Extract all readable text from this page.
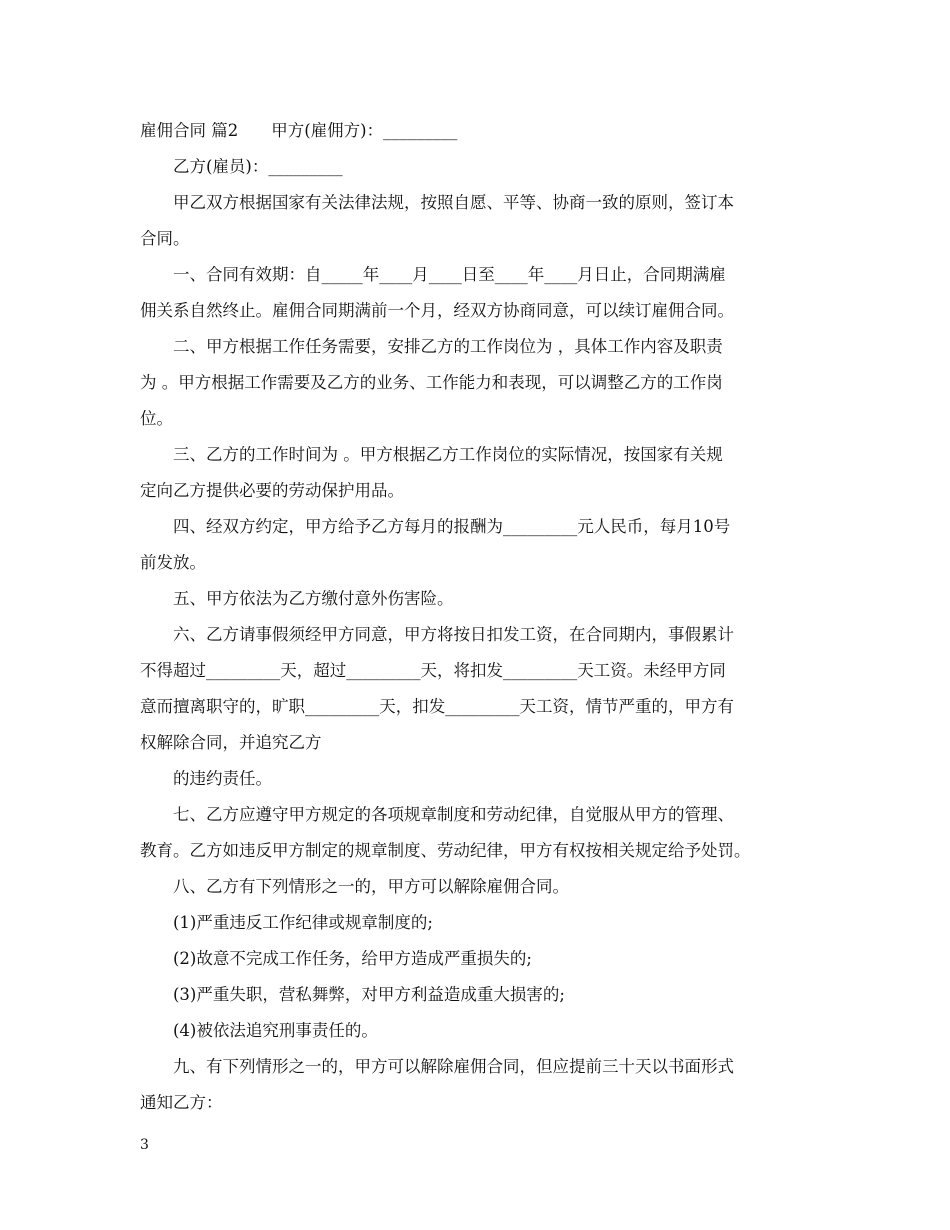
雇佣合同 篇2　　甲方(雇佣方)：_________
乙方(雇员)：_________
甲乙双方根据国家有关法律法规，按照自愿、平等、协商一致的原则，签订本
合同。
一、合同有效期：自_____年____月____日至____年____月日止，合同期满雇
佣关系自然终止。雇佣合同期满前一个月，经双方协商同意，可以续订雇佣合同。
二、甲方根据工作任务需要，安排乙方的工作岗位为 ，具体工作内容及职责
为 。甲方根据工作需要及乙方的业务、工作能力和表现，可以调整乙方的工作岗
位。
三、乙方的工作时间为 。甲方根据乙方工作岗位的实际情况，按国家有关规
定向乙方提供必要的劳动保护用品。
四、经双方约定，甲方给予乙方每月的报酬为_________元人民币，每月10号
前发放。
五、甲方依法为乙方缴付意外伤害险。
六、乙方请事假须经甲方同意，甲方将按日扣发工资，在合同期内，事假累计
不得超过_________天，超过_________天，将扣发_________天工资。未经甲方同
意而擅离职守的，旷职_________天，扣发_________天工资，情节严重的，甲方有
权解除合同，并追究乙方
的违约责任。
七、乙方应遵守甲方规定的各项规章制度和劳动纪律，自觉服从甲方的管理、
教育。乙方如违反甲方制定的规章制度、劳动纪律，甲方有权按相关规定给予处罚。
八、乙方有下列情形之一的，甲方可以解除雇佣合同。
(1)严重违反工作纪律或规章制度的;
(2)故意不完成工作任务，给甲方造成严重损失的;
(3)严重失职，营私舞弊，对甲方利益造成重大损害的;
(4)被依法追究刑事责任的。
九、有下列情形之一的，甲方可以解除雇佣合同，但应提前三十天以书面形式
通知乙方：
3
